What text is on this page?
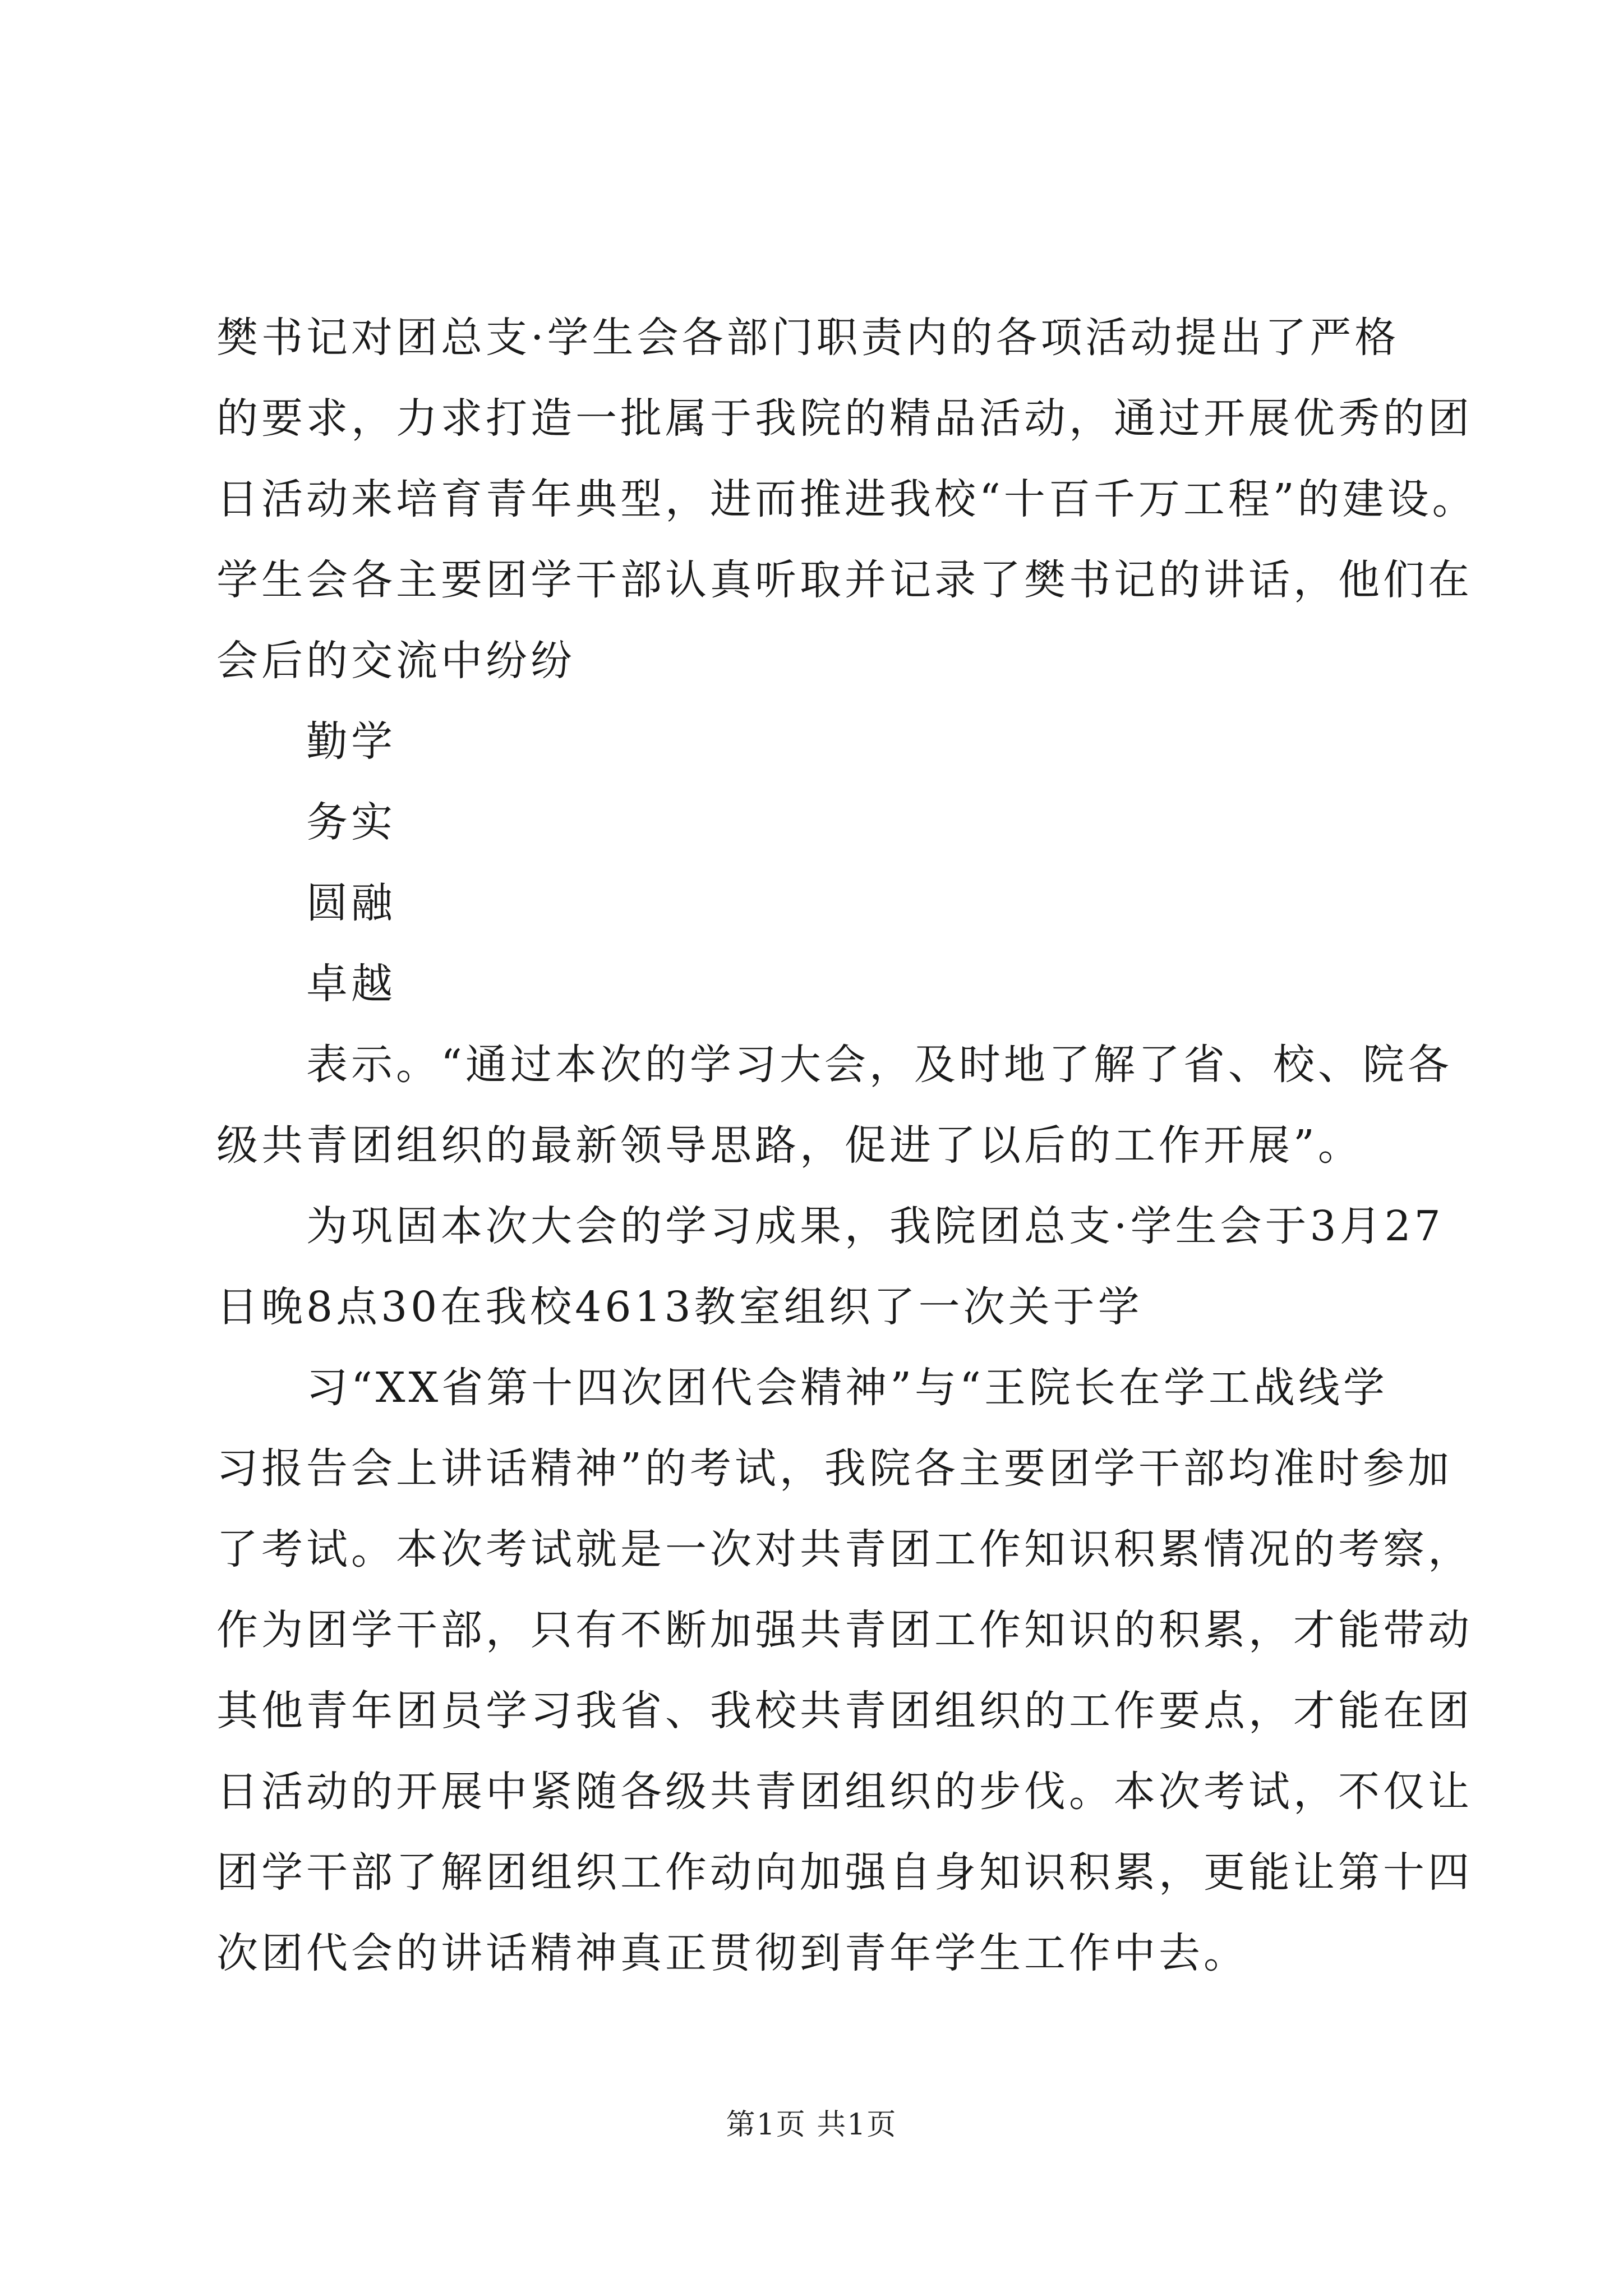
樊书记对团总支·学生会各部门职责内的各项活动提出了严格
的要求，力求打造一批属于我院的精品活动，通过开展优秀的团
日活动来培育青年典型，进而推进我校“十百千万工程”的建设。
学生会各主要团学干部认真听取并记录了樊书记的讲话，他们在
会后的交流中纷纷
勤学
务实
圆融
卓越
表示。“通过本次的学习大会，及时地了解了省、校、院各
级共青团组织的最新领导思路，促进了以后的工作开展”。
为巩固本次大会的学习成果，我院团总支·学生会于3月27
日晚8点30在我校4613教室组织了一次关于学
习“XX省第十四次团代会精神”与“王院长在学工战线学
习报告会上讲话精神”的考试，我院各主要团学干部均准时参加
了考试。本次考试就是一次对共青团工作知识积累情况的考察，
作为团学干部，只有不断加强共青团工作知识的积累，才能带动
其他青年团员学习我省、我校共青团组织的工作要点，才能在团
日活动的开展中紧随各级共青团组织的步伐。本次考试，不仅让
团学干部了解团组织工作动向加强自身知识积累，更能让第十四
次团代会的讲话精神真正贯彻到青年学生工作中去。
第1页 共1页
